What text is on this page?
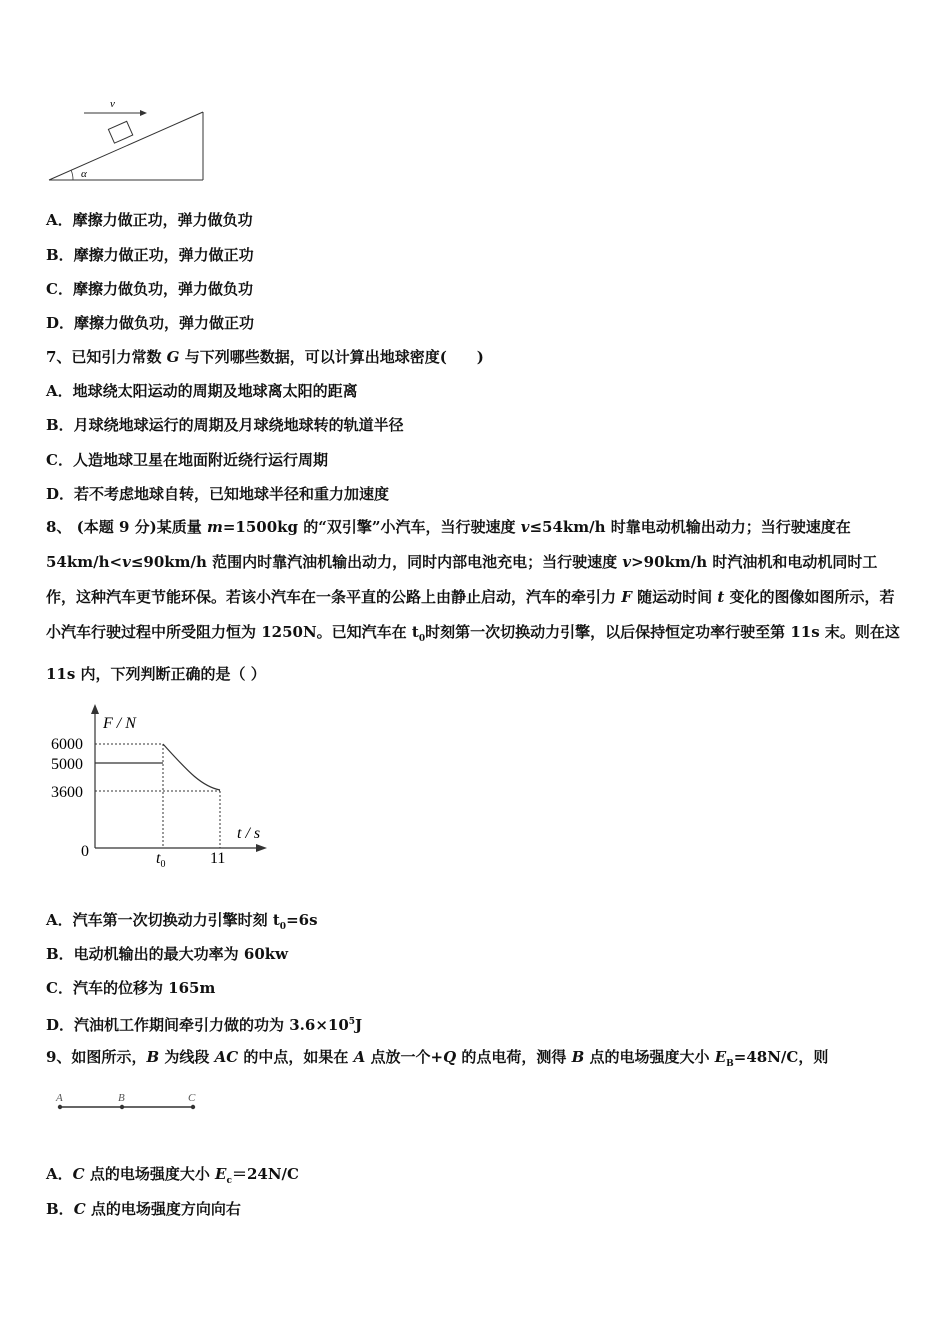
v
α
A．摩擦力做正功，弹力做负功
B．摩擦力做正功，弹力做正功
C．摩擦力做负功，弹力做负功
D．摩擦力做负功，弹力做正功
7、已知引力常数 G 与下列哪些数据，可以计算出地球密度(　　)
A．地球绕太阳运动的周期及地球离太阳的距离
B．月球绕地球运行的周期及月球绕地球转的轨道半径
C．人造地球卫星在地面附近绕行运行周期
D．若不考虑地球自转，已知地球半径和重力加速度
8、 (本题 9 分)某质量 m=1500kg 的“双引擎”小汽车，当行驶速度 v≤54km/h 时靠电动机输出动力；当行驶速度在 54km/h<v≤90km/h 范围内时靠汽油机输出动力，同时内部电池充电；当行驶速度 v>90km/h 时汽油机和电动机同时工作，这种汽车更节能环保。若该小汽车在一条平直的公路上由静止启动，汽车的牵引力 F 随运动时间 t 变化的图像如图所示，若小汽车行驶过程中所受阻力恒为 1250N。已知汽车在 $t_0$时刻第一次切换动力引擎，以后保持恒定功率行驶至第 11s 末。则在这 11s 内，下列判断正确的是（ ）
F / N
t / s
0
6000
5000
3600
$t_0$	11
A．汽车第一次切换动力引擎时刻 $t_0=6s$
B．电动机输出的最大功率为 60kw
C．汽车的位移为 165m
D．汽油机工作期间牵引力做的功为 $3.6\times 10^5J$
9、如图所示，B 为线段 AC 的中点，如果在 A 点放一个+Q 的点电荷，测得 B 点的电场强度大小 $E_B=48N/C$，则
A	B	C
A．C 点的电场强度大小 $E_c=24N/C$
B．C 点的电场强度方向向右
